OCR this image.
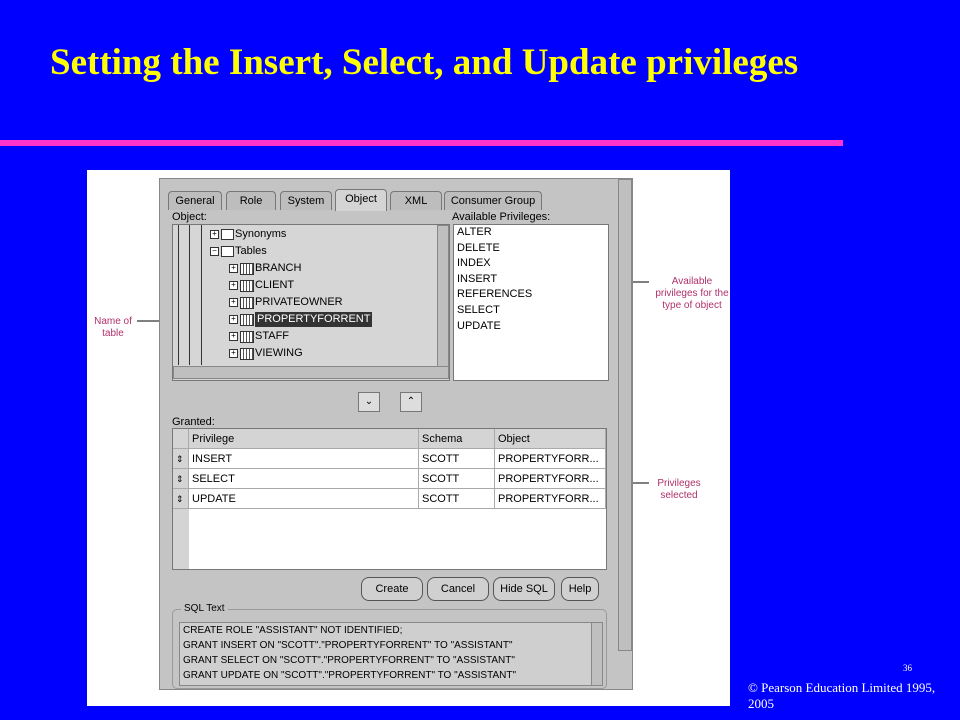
Setting the Insert, Select, and Update privileges
Name of table
Available privileges for the type of object
Privileges selected
General	Role	System	Object	XML	Consumer Group
Object:	Available Privileges:
+ Synonyms
− Tables
+ BRANCH
+ CLIENT
+ PRIVATEOWNER
+ PROPERTYFORRENT
+ STAFF
+ VIEWING
ALTER
DELETE
INDEX
INSERT
REFERENCES
SELECT
UPDATE
⌄	⌃
Granted:
Privilege	Schema	Object
⇕ INSERT	SCOTT	PROPERTYFORR...
⇕ SELECT	SCOTT	PROPERTYFORR...
⇕ UPDATE	SCOTT	PROPERTYFORR...
Create	Cancel	Hide SQL	Help
SQL Text
CREATE ROLE "ASSISTANT" NOT IDENTIFIED;
GRANT INSERT ON "SCOTT"."PROPERTYFORRENT" TO "ASSISTANT"
GRANT SELECT ON "SCOTT"."PROPERTYFORRENT" TO "ASSISTANT"
GRANT UPDATE ON "SCOTT"."PROPERTYFORRENT" TO "ASSISTANT"
36
© Pearson Education Limited 1995, 2005
